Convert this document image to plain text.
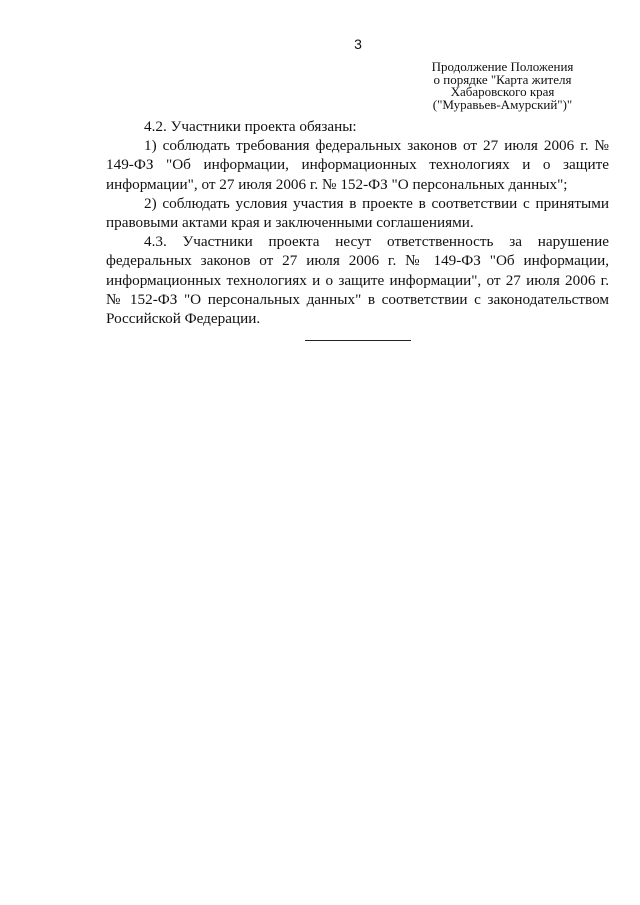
3
Продолжение Положения
о порядке "Карта жителя
Хабаровского края
("Муравьев-Амурский")"

4.2. Участники проекта обязаны:

1) соблюдать требования федеральных законов от 27 июля 2006 г. № 149-ФЗ "Об информации, информационных технологиях и о защите информации", от 27 июля 2006 г. № 152-ФЗ "О персональных данных";

2) соблюдать условия участия в проекте в соответствии с принятыми правовыми актами края и заключенными соглашениями.

4.3. Участники проекта несут ответственность за нарушение федеральных законов от 27 июля 2006 г. № 149-ФЗ "Об информации, информационных технологиях и о защите информации", от 27 июля 2006 г. № 152-ФЗ "О персональных данных" в соответствии с законодательством Российской Федерации.
